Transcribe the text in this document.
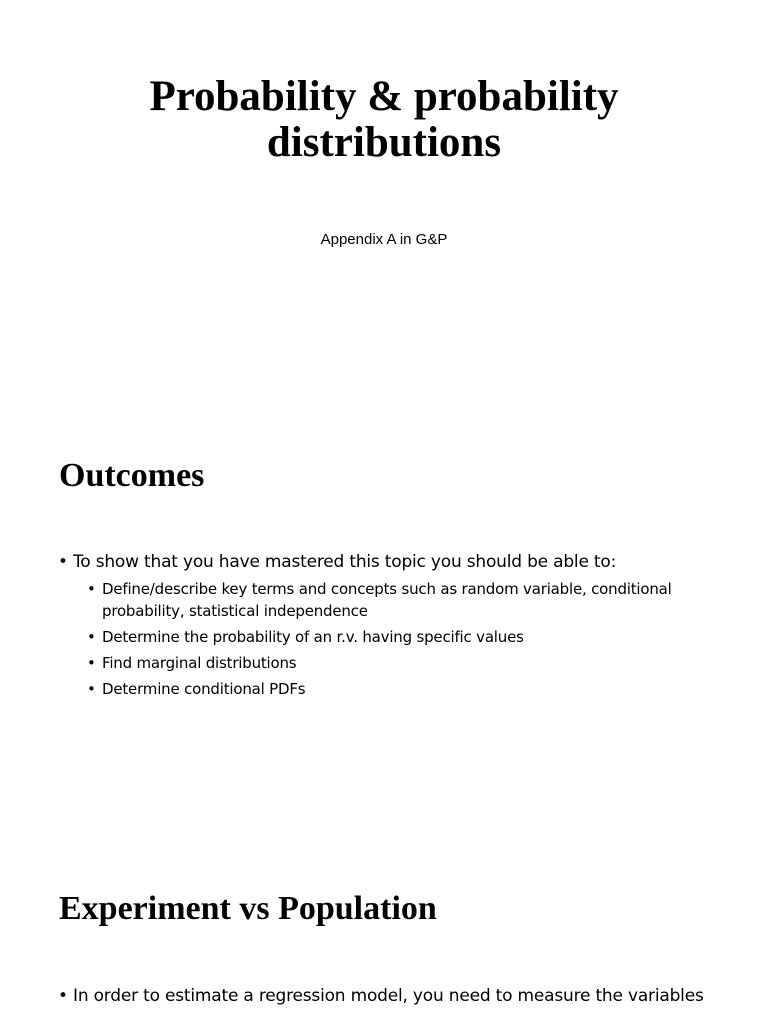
Probability & probability distributions

Appendix A in G&P

Outcomes
• To show that you have mastered this topic you should be able to:
• Define/describe key terms and concepts such as random variable, conditional probability, statistical independence
• Determine the probability of an r.v. having specific values
• Find marginal distributions
• Determine conditional PDFs
Experiment vs Population
• In order to estimate a regression model, you need to measure the variables
